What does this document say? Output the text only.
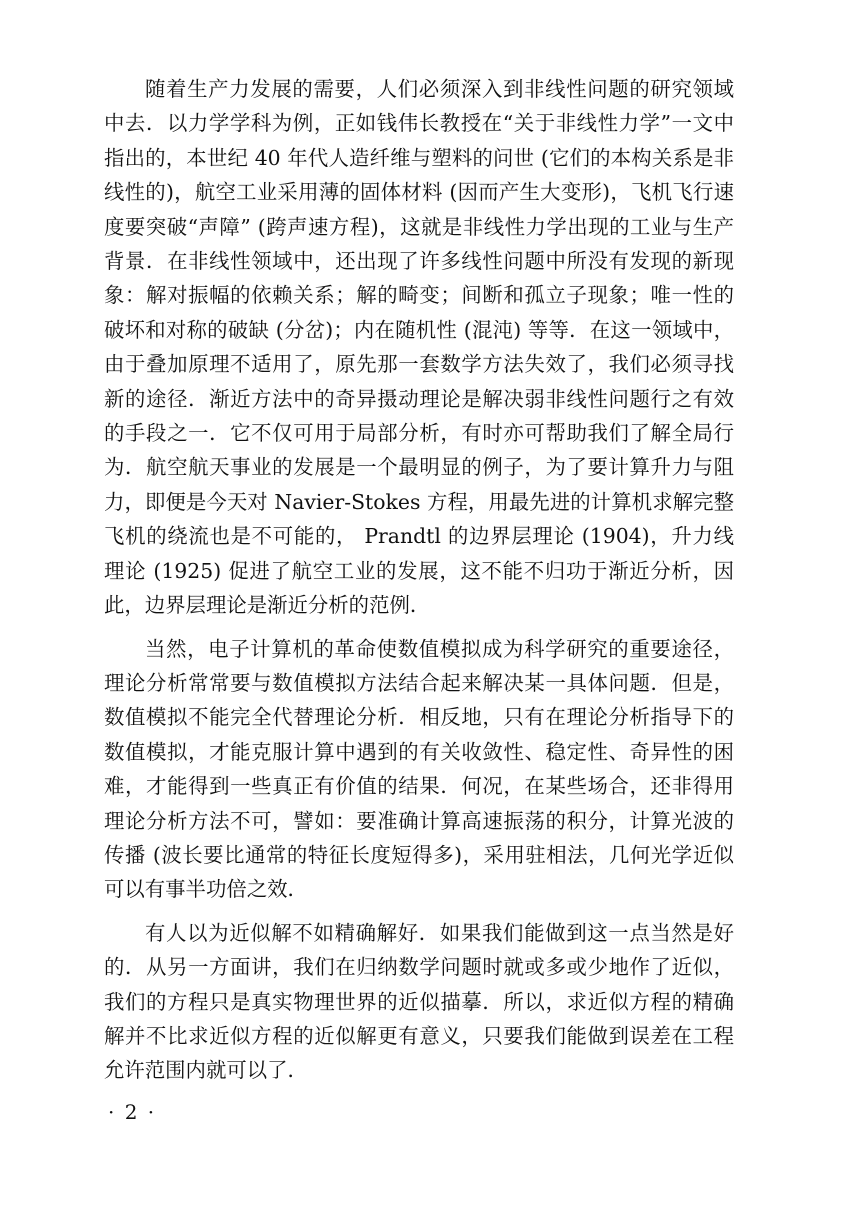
随着生产力发展的需要，人们必须深入到非线性问题的研究领域中去．以力学学科为例，正如钱伟长教授在“关于非线性力学”一文中指出的，本世纪 40 年代人造纤维与塑料的问世 (它们的本构关系是非线性的)，航空工业采用薄的固体材料 (因而产生大变形)，飞机飞行速度要突破“声障” (跨声速方程)，这就是非线性力学出现的工业与生产背景．在非线性领域中，还出现了许多线性问题中所没有发现的新现象：解对振幅的依赖关系；解的畸变；间断和孤立子现象；唯一性的破坏和对称的破缺 (分岔)；内在随机性 (混沌) 等等．在这一领域中，由于叠加原理不适用了，原先那一套数学方法失效了，我们必须寻找新的途径．渐近方法中的奇异摄动理论是解决弱非线性问题行之有效的手段之一．它不仅可用于局部分析，有时亦可帮助我们了解全局行为．航空航天事业的发展是一个最明显的例子，为了要计算升力与阻力，即便是今天对 Navier-Stokes 方程，用最先进的计算机求解完整飞机的绕流也是不可能的， Prandtl 的边界层理论 (1904)，升力线理论 (1925) 促进了航空工业的发展，这不能不归功于渐近分析，因此，边界层理论是渐近分析的范例．

当然，电子计算机的革命使数值模拟成为科学研究的重要途径，理论分析常常要与数值模拟方法结合起来解决某一具体问题．但是，数值模拟不能完全代替理论分析．相反地，只有在理论分析指导下的数值模拟，才能克服计算中遇到的有关收敛性、稳定性、奇异性的困难，才能得到一些真正有价值的结果．何况，在某些场合，还非得用理论分析方法不可，譬如：要准确计算高速振荡的积分，计算光波的传播 (波长要比通常的特征长度短得多)，采用驻相法，几何光学近似可以有事半功倍之效．

有人以为近似解不如精确解好．如果我们能做到这一点当然是好的．从另一方面讲，我们在归纳数学问题时就或多或少地作了近似，我们的方程只是真实物理世界的近似描摹．所以，求近似方程的精确解并不比求近似方程的近似解更有意义，只要我们能做到误差在工程允许范围内就可以了．

· 2 ·
